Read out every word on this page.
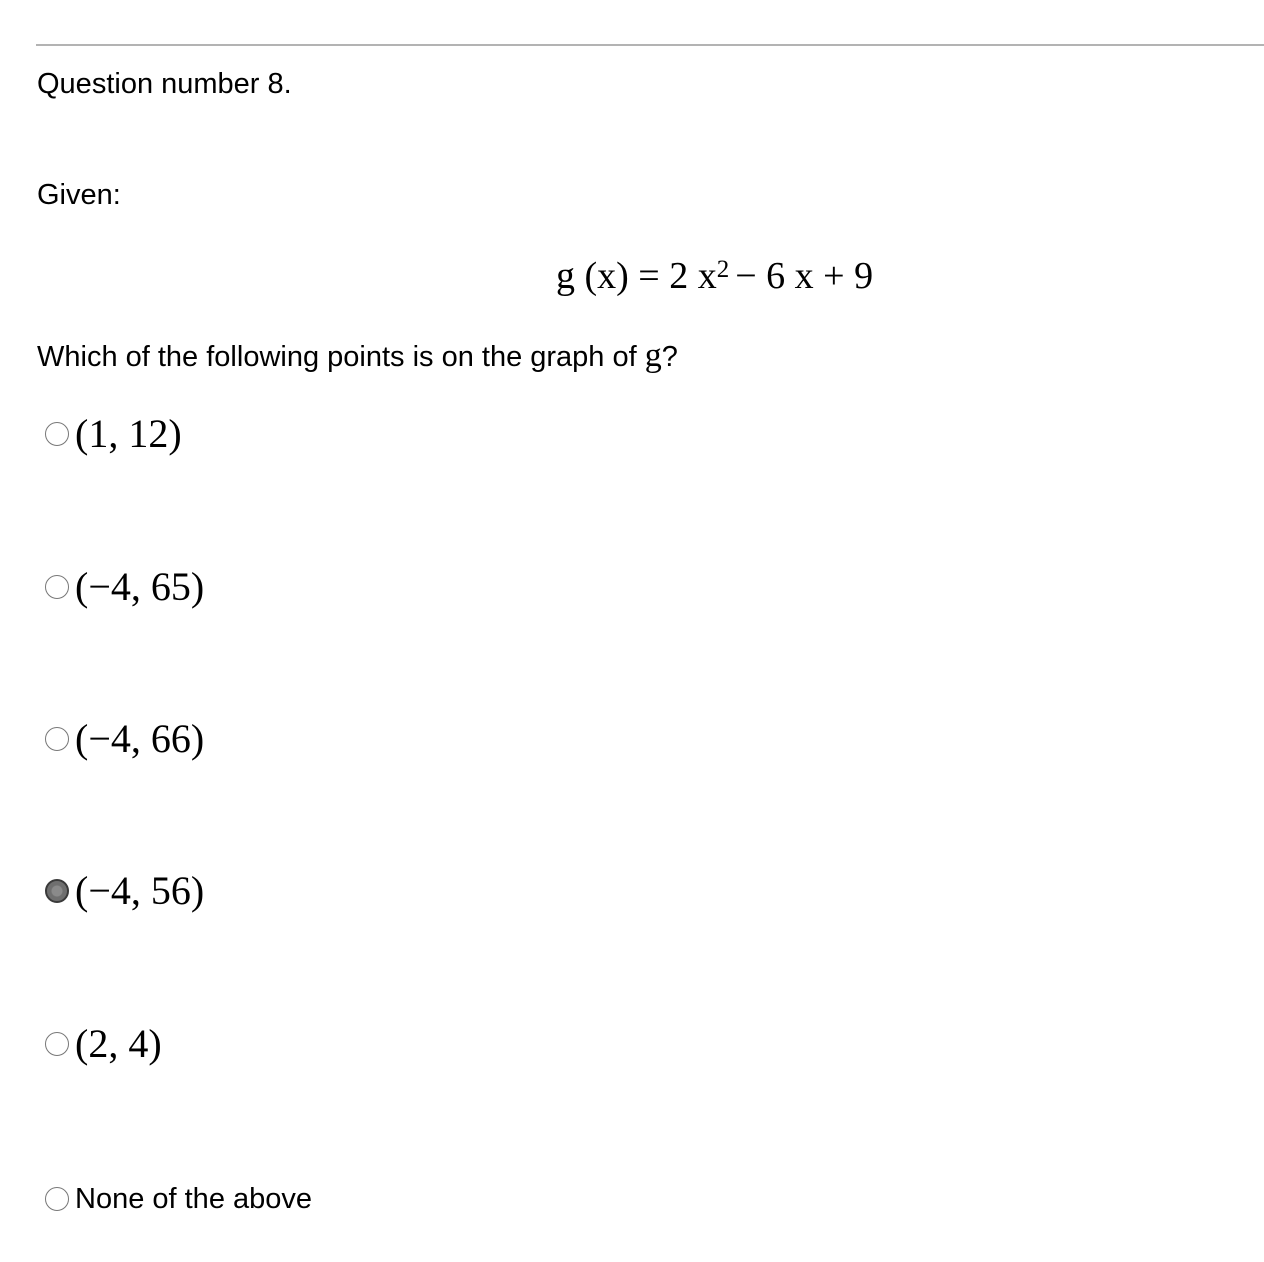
Question number 8.
Given:
g (x) = 2 $x^2 - 6$ x + 9
Which of the following points is on the graph of g?
(1, 12)
(−4, 65)
(−4, 66)
(−4, 56)
(2, 4)
None of the above
